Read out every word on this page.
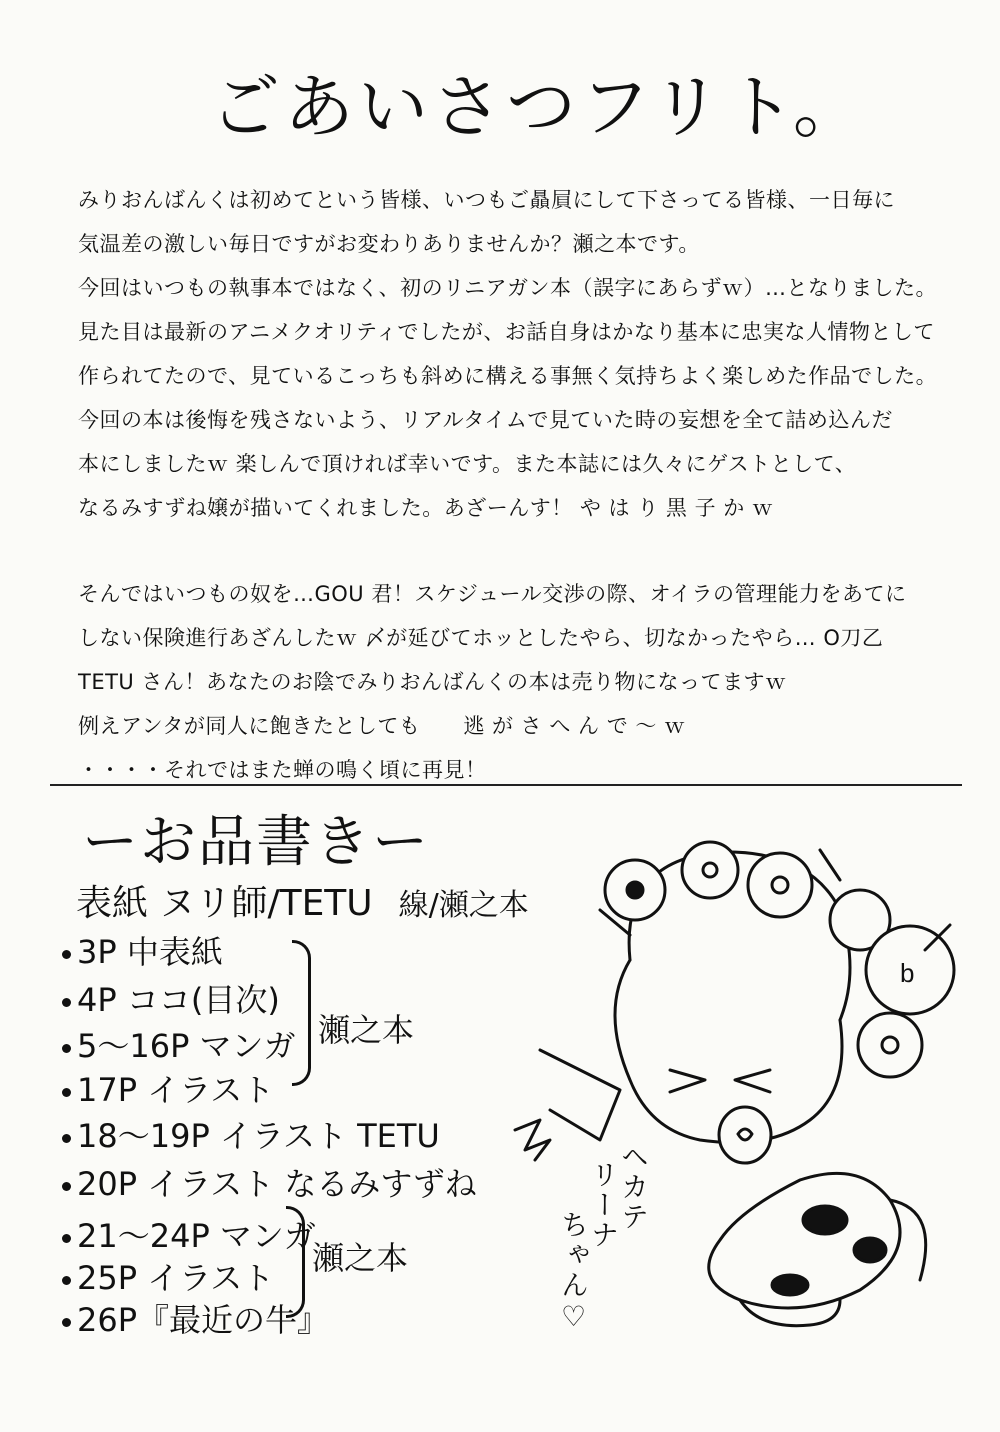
ごあいさつフリト。
みりおんばんくは初めてという皆様、いつもご贔屓にして下さってる皆様、一日毎に
気温差の激しい毎日ですがお変わりありませんか？瀬之本です。
今回はいつもの執事本ではなく、初のリニアガン本（誤字にあらずｗ）…となりました。
見た目は最新のアニメクオリティでしたが、お話自身はかなり基本に忠実な人情物として
作られてたので、見ているこっちも斜めに構える事無く気持ちよく楽しめた作品でした。
今回の本は後悔を残さないよう、リアルタイムで見ていた時の妄想を全て詰め込んだ
本にしましたｗ 楽しんで頂ければ幸いです。また本誌には久々にゲストとして、
なるみすずね嬢が描いてくれました。あざーんす！ や は り 黒 子 か ｗ
そんではいつもの奴を…GOU 君！スケジュール交渉の際、オイラの管理能力をあてに
しない保険進行あざんしたｗ 〆が延びてホッとしたやら、切なかったやら… O刀乙
TETU さん！あなたのお陰でみりおんばんくの本は売り物になってますｗ
例えアンタが同人に飽きたとしても　　逃 が さ へ ん で ～ ｗ
・・・・それではまた蝉の鳴く頃に再見！
ーお品書きー
表紙 ヌリ師/TETU 線/瀬之本
3P 中表紙
4P ココ(目次)
5～16P マンガ
17P イラスト
18～19P イラスト TETU
20P イラスト なるみすずね
21～24P マンガ
25P イラスト
26P『最近の牛』
瀬之本
瀬之本
b
ヘカテ
リーナ
ちゃん♡
